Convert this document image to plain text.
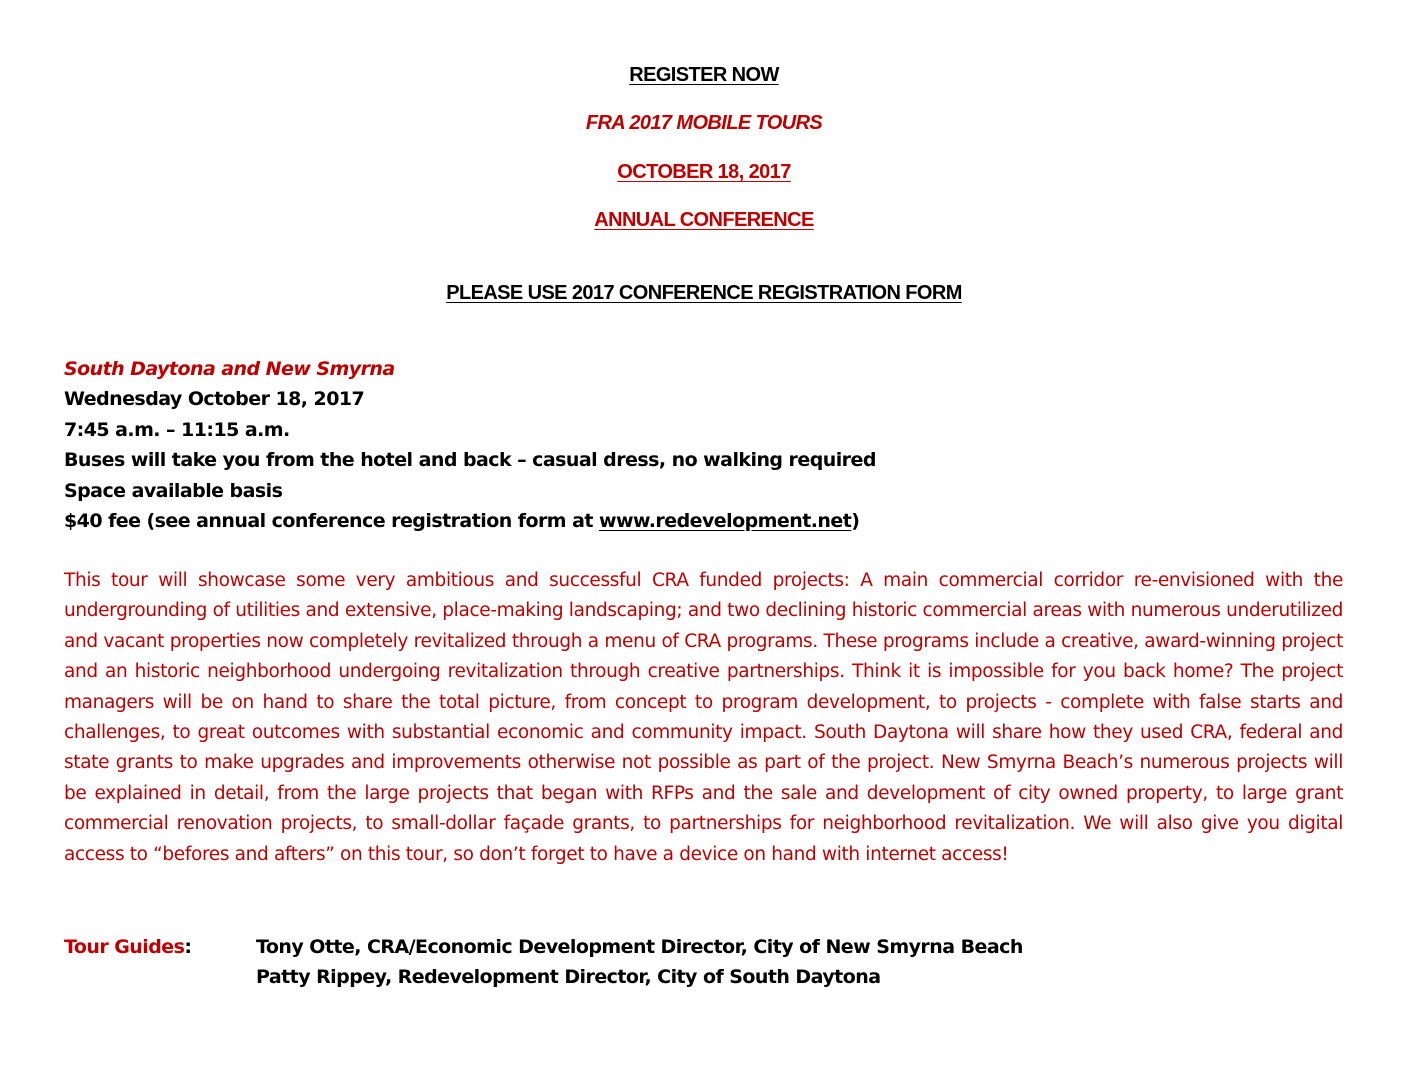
REGISTER NOW
FRA 2017 MOBILE TOURS
OCTOBER 18, 2017
ANNUAL CONFERENCE
PLEASE USE 2017 CONFERENCE REGISTRATION FORM
South Daytona and New Smyrna
Wednesday October 18, 2017
7:45 a.m. – 11:15 a.m.
Buses will take you from the hotel and back – casual dress, no walking required
Space available basis
$40 fee (see annual conference registration form at www.redevelopment.net)

This tour will showcase some very ambitious and successful CRA funded projects: A main commercial corridor re-envisioned with the undergrounding of utilities and extensive, place-making landscaping; and two declining historic commercial areas with numerous underutilized and vacant properties now completely revitalized through a menu of CRA programs. These programs include a creative, award-winning project and an historic neighborhood undergoing revitalization through creative partnerships. Think it is impossible for you back home? The project managers will be on hand to share the total picture, from concept to program development, to projects - complete with false starts and challenges, to great outcomes with substantial economic and community impact. South Daytona will share how they used CRA, federal and state grants to make upgrades and improvements otherwise not possible as part of the project. New Smyrna Beach’s numerous projects will be explained in detail, from the large projects that began with RFPs and the sale and development of city owned property, to large grant commercial renovation projects, to small-dollar façade grants, to partnerships for neighborhood revitalization. We will also give you digital access to “befores and afters” on this tour, so don’t forget to have a device on hand with internet access!

Tour Guides:	Tony Otte, CRA/Economic Development Director, City of New Smyrna Beach
Patty Rippey, Redevelopment Director, City of South Daytona
